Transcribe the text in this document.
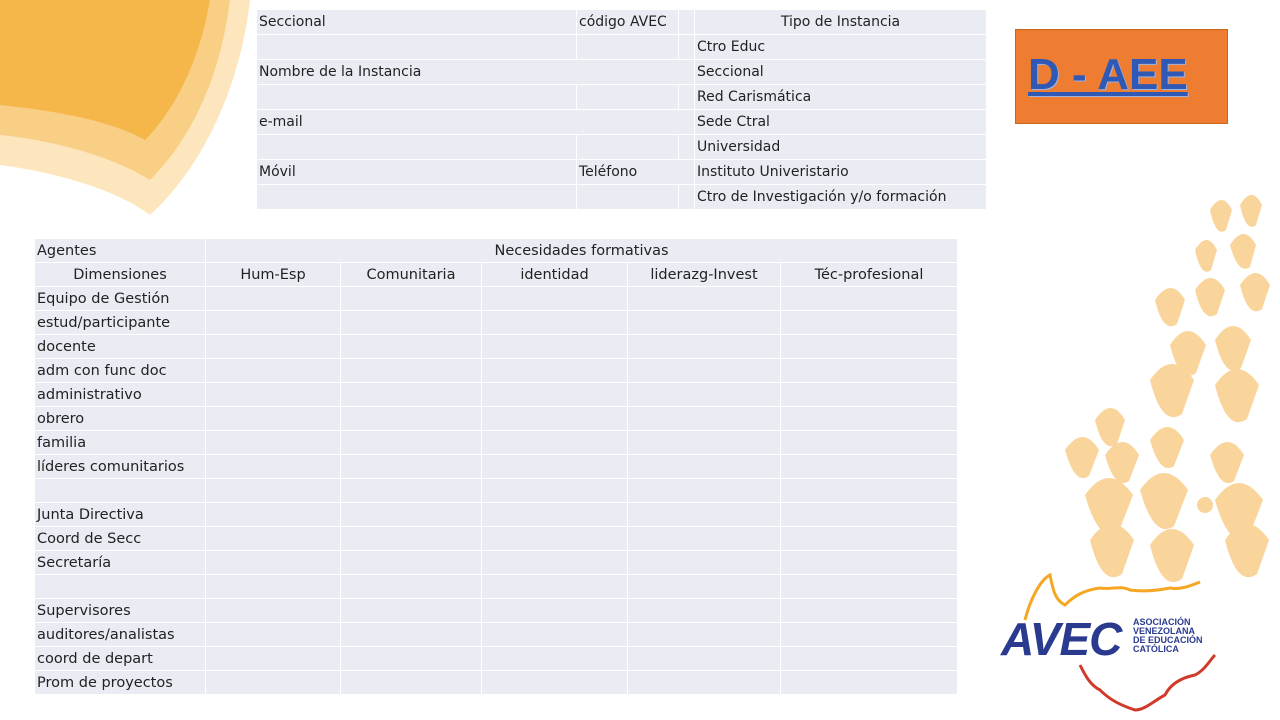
D - AEE
Seccional	código AVEC		Tipo de Instancia
			Ctro Educ
Nombre de la Instancia			Seccional
			Red Carismática
e-mail			Sede Ctral
			Universidad
Móvil	Teléfono		Instituto Univeristario
			Ctro de Investigación y/o formación
Agentes	Necesidades formativas				
Dimensiones	Hum-Esp	Comunitaria	identidad	liderazg-Invest	Téc-profesional
Equipo de Gestión					
estud/participante					
docente					
adm con func doc					
administrativo					
obrero					
familia					
líderes comunitarios					

Junta Directiva					
Coord de Secc					
Secretaría					

Supervisores					
auditores/analistas					
coord de depart					
Prom de proyectos					
AVEC ASOCIACIÓN
VENEZOLANA
DE EDUCACIÓN
CATÓLICA
